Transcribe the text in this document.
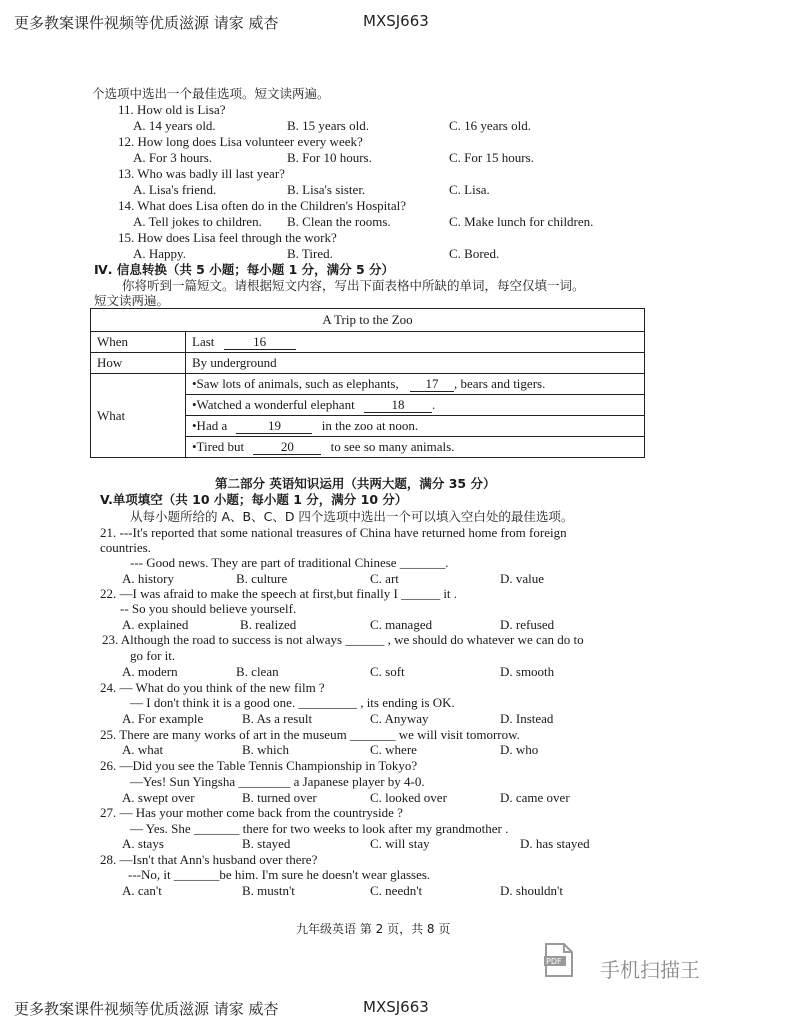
更多教案课件视频等优质滋源 请家 威杏	MXSJ663
个选项中选出一个最佳选项。短文读两遍。
11. How old is Lisa?
A. 14 years old.	B. 15 years old.	C. 16 years old.
12. How long does Lisa volunteer every week?
A. For 3 hours.	B. For 10 hours.	C. For 15 hours.
13. Who was badly ill last year?
A. Lisa's friend.	B. Lisa's sister.	C. Lisa.
14. What does Lisa often do in the Children's Hospital?
A. Tell jokes to children. B. Clean the rooms.	C. Make lunch for children.
15. How does Lisa feel through the work?
A. Happy.	B. Tired.	C. Bored.
Ⅳ. 信息转换（共 5 小题；每小题 1 分，满分 5 分）
你将听到一篇短文。请根据短文内容，写出下面表格中所缺的单词，每空仅填一词。
短文读两遍。
A Trip to the Zoo	
When	Last 16
How	By underground
What	•Saw lots of animals, such as elephants, 17 , bears and tigers.
	•Watched a wonderful elephant 18 .
	•Had a 19 in the zoo at noon.
	•Tired but 20 to see so many animals.
第二部分 英语知识运用（共两大题，满分 35 分）
V.单项填空（共 10 小题；每小题 1 分，满分 10 分）
从每小题所给的 A、B、C、D 四个选项中选出一个可以填入空白处的最佳选项。
21. ---It's reported that some national treasures of China have returned home from foreign
countries.
--- Good news. They are part of traditional Chinese _______.
A. history	B. culture	C. art	D. value
22. —I was afraid to make the speech at first,but finally I ______ it .
-- So you should believe yourself.
A. explained	B. realized	C. managed	D. refused
23. Although the road to success is not always ______ , we should do whatever we can do to
go for it.
A. modern	B. clean	C. soft	D. smooth
24. — What do you think of the new film ?
— I don't think it is a good one. _________ , its ending is OK.
A. For example	B. As a result	C. Anyway	D. Instead
25. There are many works of art in the museum _______ we will visit tomorrow.
A. what	B. which	C. where	D. who
26. —Did you see the Table Tennis Championship in Tokyo?
—Yes! Sun Yingsha ________ a Japanese player by 4-0.
A. swept over	B. turned over	C. looked over	D. came over
27. — Has your mother come back from the countryside ?
— Yes. She _______ there for two weeks to look after my grandmother .
A. stays	B. stayed	C. will stay	D. has stayed
28. —Isn't that Ann's husband over there?
---No, it _______be him. I'm sure he doesn't wear glasses.
A. can't	B. mustn't	C. needn't	D. shouldn't
九年级英语 第 2 页，共 8 页
PDF 手机扫描王
更多教案课件视频等优质滋源 请家 威杏	MXSJ663
